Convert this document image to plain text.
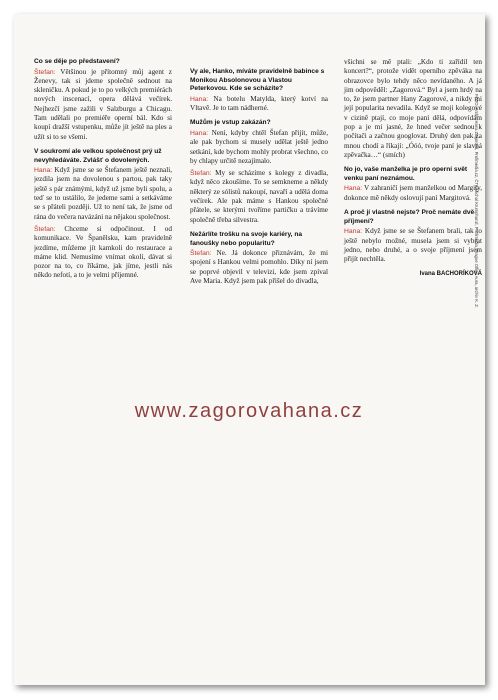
Co se děje po představení?

Štefan: Většinou je přítomný můj agent z Ženevy, tak si jdeme společně sednout na skleničku. A pokud je to po velkých premiérách nových inscenací, opera dělává večírek. Nejhezčí jsme zažili v Salzburgu a Chicagu. Tam udělali po premiéře operní bál. Kdo si koupí dražší vstupenku, může jít ještě na ples a užít si to se všemi.

V soukromí ale velkou společnost prý už nevyhledáváte. Zvlášť o dovolených.

Hana: Když jsme se se Štefanem ještě neznali, jezdila jsem na dovolenou s partou, pak taky ještě s pár známými, když už jsme byli spolu, a teď se to ustálilo, že jedeme sami a setkáváme se s přáteli později. Už to není tak, že jsme od rána do večera navázáni na nějakou společnost.

Štefan: Chceme si odpočinout. I od komunikace. Ve Španělsku, kam pravidelně jezdíme, můžeme jít kamkoli do restaurace a máme klid. Nemusíme vnímat okolí, dávat si pozor na to, co říkáme, jak jíme, jestli nás někdo nefotí, a to je velmi příjemné.

Vy ale, Hanko, míváte pravidelně babince s Monikou Absolonovou a Vlastou Peterkovou. Kde se scházíte?

Hana: Na botelu Matylda, který kotví na Vltavě. Je to tam nádherné.

Mužům je vstup zakázán?

Hana: Není, kdyby chtěl Štefan přijít, může, ale pak bychom si musely udělat ještě jedno setkání, kde bychom mohly probrat všechno, co by chlapy určitě nezajímalo.

Štefan: My se scházíme s kolegy z divadla, když něco zkoušíme. To se semkneme a někdy některý ze sólistů nakoupí, navaří a udělá doma večírek. Ale pak máme s Hankou společné přátele, se kterými tvoříme partičku a trávíme společně třeba silvestra.

Nežárlíte trošku na svoje kariéry, na fanoušky nebo popularitu?

Štefan: Ne. Já dokonce přiznávám, že mi spojení s Hankou velmi pomohlo. Díky ní jsem se poprvé objevil v televizi, kde jsem zpíval Ave Maria. Když jsem pak přišel do divadla,

všichni se mě ptali: „Kdo ti zařídil ten koncert?“, protože vidět operního zpěváka na obrazovce bylo tehdy něco nevídaného. A já jim odpověděl: „Zagorová.“ Byl a jsem hrdý na to, že jsem partner Hany Zagorové, a nikdy mi její popularita nevadila. Když se moji kolegové v cizině ptají, co moje paní dělá, odpovídám pop a je mi jasné, že hned večer sednou k počítači a začnou googlovat. Druhý den pak za mnou chodí a říkají: „Óóó, tvoje paní je slavná zpěvačka…“ (smích)

No jo, vaše manželka je pro operní svět venku paní neznámou.

Hana: V zahraničí jsem manželkou od Margity, dokonce mě někdy oslovují paní Margitová.

A proč jí vlastně nejste? Proč nemáte dvě příjmení?

Hana: Když jsme se se Štefanem brali, tak to ještě nebylo možné, musela jsem si vybrat jedno, nebo druhé, a o svoje příjmení jsem přijít nechtěla.

Ivana BACHORÍKOVÁ
FOTO: Archiv Hana Zagorová, Profimedia.cz, ČTK/Michal Krumphanzl, Profimedia, Prague Office Aura, archiv K. Z.
www.zagorovahana.cz
